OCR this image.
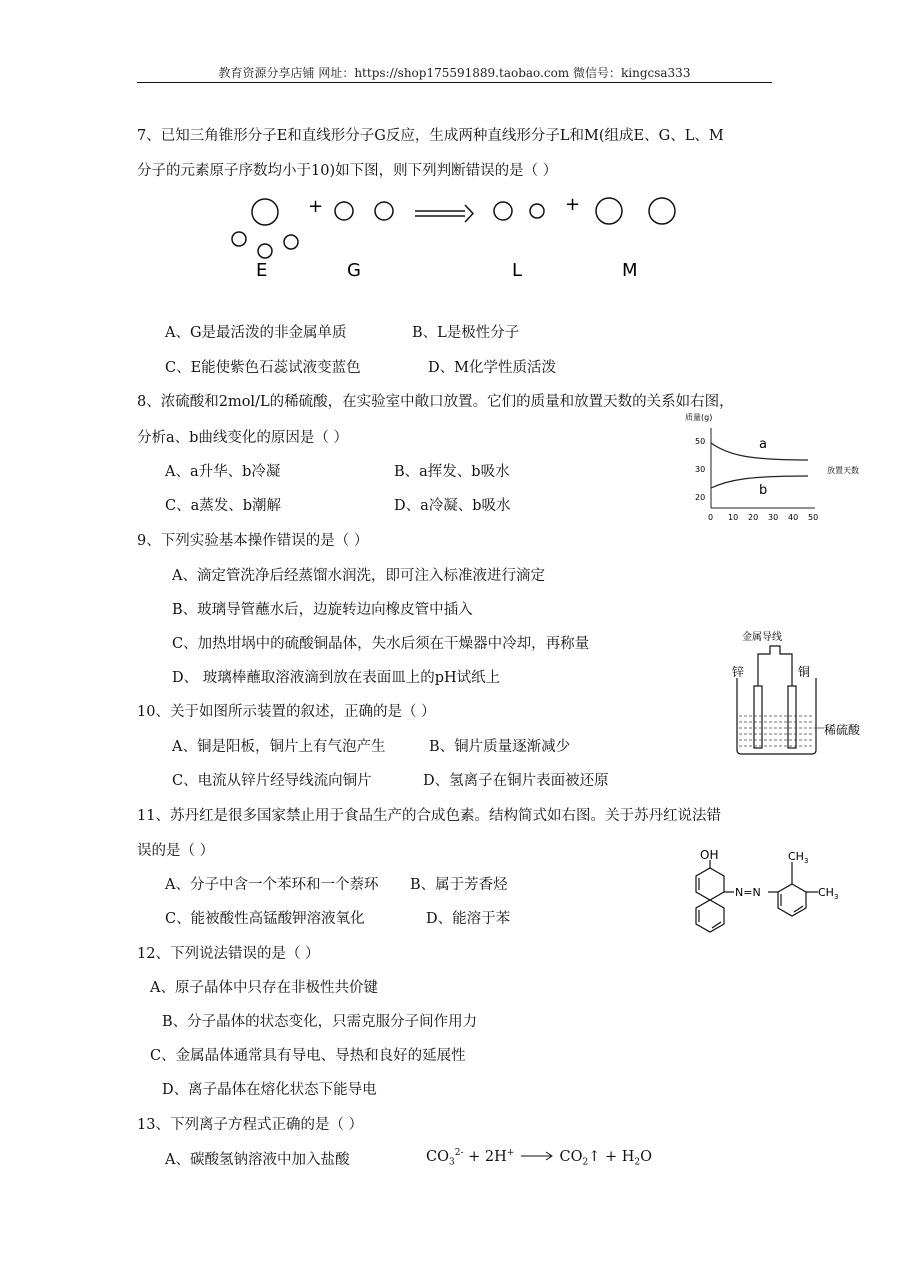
教育资源分享店铺 网址：https://shop175591889.taobao.com 微信号：kingcsa333
7、已知三角锥形分子E和直线形分子G反应，生成两种直线形分子L和M(组成E、G、L、M
分子的元素原子序数均小于10)如下图，则下列判断错误的是（ ）
+	+
E	G	L	M
A、G是最活泼的非金属单质	B、L是极性分子
C、E能使紫色石蕊试液变蓝色	D、M化学性质活泼
8、浓硫酸和2mol/L的稀硫酸，在实验室中敞口放置。它们的质量和放置天数的关系如右图，
分析a、b曲线变化的原因是（ ）
A、a升华、b冷凝	B、a挥发、b吸水
C、a蒸发、b潮解	D、a冷凝、b吸水
质量(g)
50
30
20
0 10 20 30 40 50
a
b
放置天数
9、下列实验基本操作错误的是（ ）
A、滴定管洗净后经蒸馏水润洗，即可注入标准液进行滴定
B、玻璃导管蘸水后，边旋转边向橡皮管中插入
C、加热坩埚中的硫酸铜晶体，失水后须在干燥器中冷却，再称量
D、 玻璃棒蘸取溶液滴到放在表面皿上的pH试纸上
金属导线
锌	铜
稀硫酸
10、关于如图所示装置的叙述，正确的是（ ）
A、铜是阳板，铜片上有气泡产生	B、铜片质量逐渐减少
C、电流从锌片经导线流向铜片	D、氢离子在铜片表面被还原
11、苏丹红是很多国家禁止用于食品生产的合成色素。结构简式如右图。关于苏丹红说法错
误的是（ ）
A、分子中含一个苯环和一个萘环 B、属于芳香烃
C、能被酸性高锰酸钾溶液氧化	D、能溶于苯
OH
N=N
$CH_3$
$CH_3$
12、下列说法错误的是（ ）
A、原子晶体中只存在非极性共价键
B、分子晶体的状态变化，只需克服分子间作用力
C、金属晶体通常具有导电、导热和良好的延展性
D、离子晶体在熔化状态下能导电
13、下列离子方程式正确的是（ ）
A、碳酸氢钠溶液中加入盐酸	$CO_3^{2-} + 2H^+$ → $CO_2↑ + H_2O$
